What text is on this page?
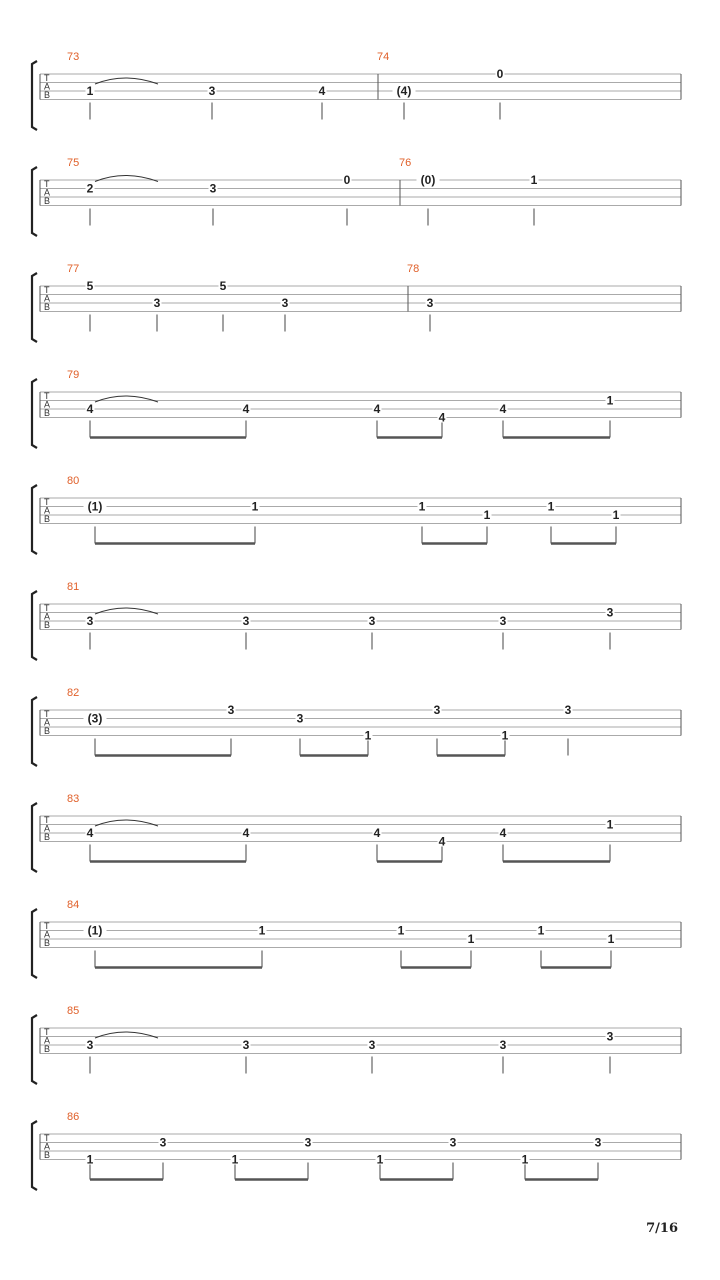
T
A
B
73
1	3	4
74
(4)
0
T
A
B
75
2	3
0
76
(0)	1
T
A
B
77
5
3
5
3
78
3
T
A
B
79
4	4	4
4
4
1
T
A
B
80
(1)	1	1
1
1
1
T
A
B
81
3	3	3	3
3
T
A
B
82
(3)
3
3
1
3
1
3
T
A
B
83
4	4	4
4
4
1
T
A
B
84
(1)	1	1
1
1
1
T
A
B
85
3	3	3	3
3
T
A
B
86
1
3
1
3
1
3
1
3
7/16
